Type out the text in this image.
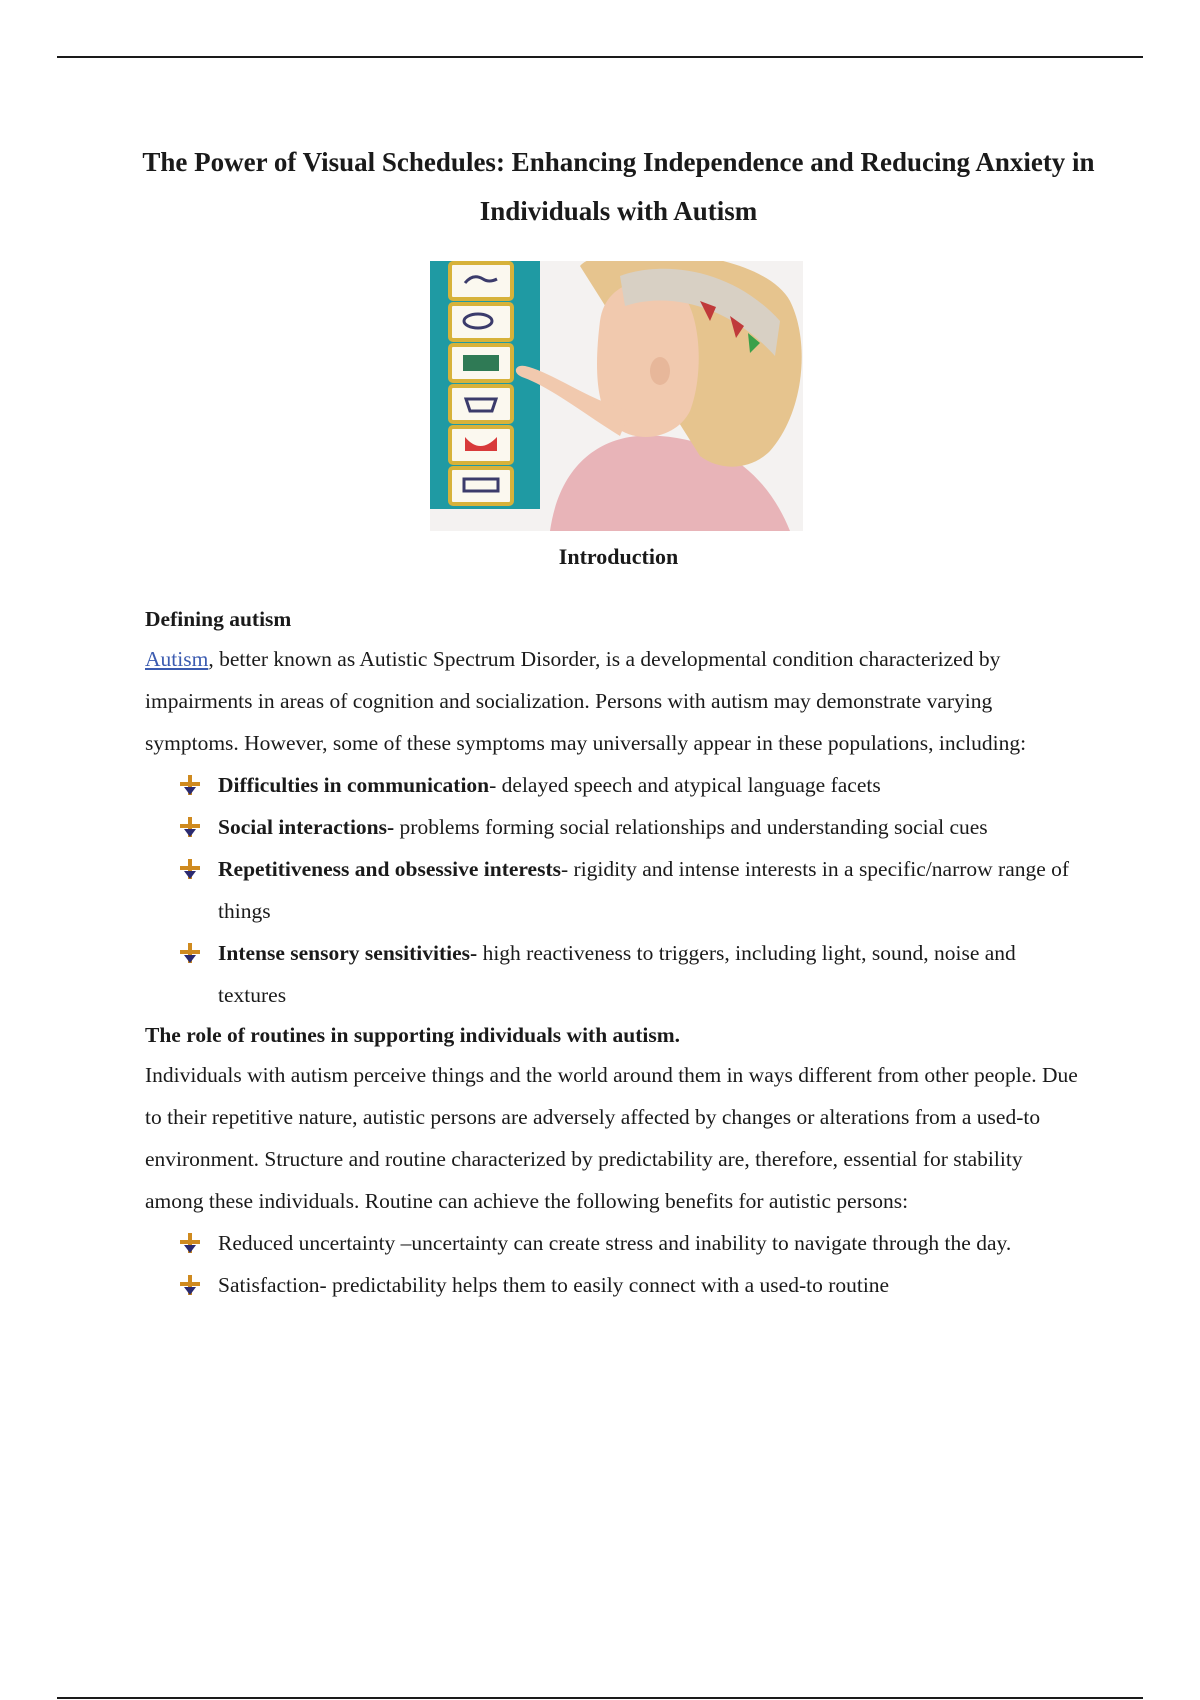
The Power of Visual Schedules: Enhancing Independence and Reducing Anxiety in Individuals with Autism
Introduction

Defining autism

Autism, better known as Autistic Spectrum Disorder, is a developmental condition characterized by impairments in areas of cognition and socialization. Persons with autism may demonstrate varying symptoms. However, some of these symptoms may universally appear in these populations, including:

Difficulties in communication- delayed speech and atypical language facets
Social interactions- problems forming social relationships and understanding social cues
Repetitiveness and obsessive interests- rigidity and intense interests in a specific/narrow range of things
Intense sensory sensitivities- high reactiveness to triggers, including light, sound, noise and textures

The role of routines in supporting individuals with autism.

Individuals with autism perceive things and the world around them in ways different from other people. Due to their repetitive nature, autistic persons are adversely affected by changes or alterations from a used-to environment. Structure and routine characterized by predictability are, therefore, essential for stability among these individuals. Routine can achieve the following benefits for autistic persons:

Reduced uncertainty –uncertainty can create stress and inability to navigate through the day.
Satisfaction- predictability helps them to easily connect with a used-to routine
